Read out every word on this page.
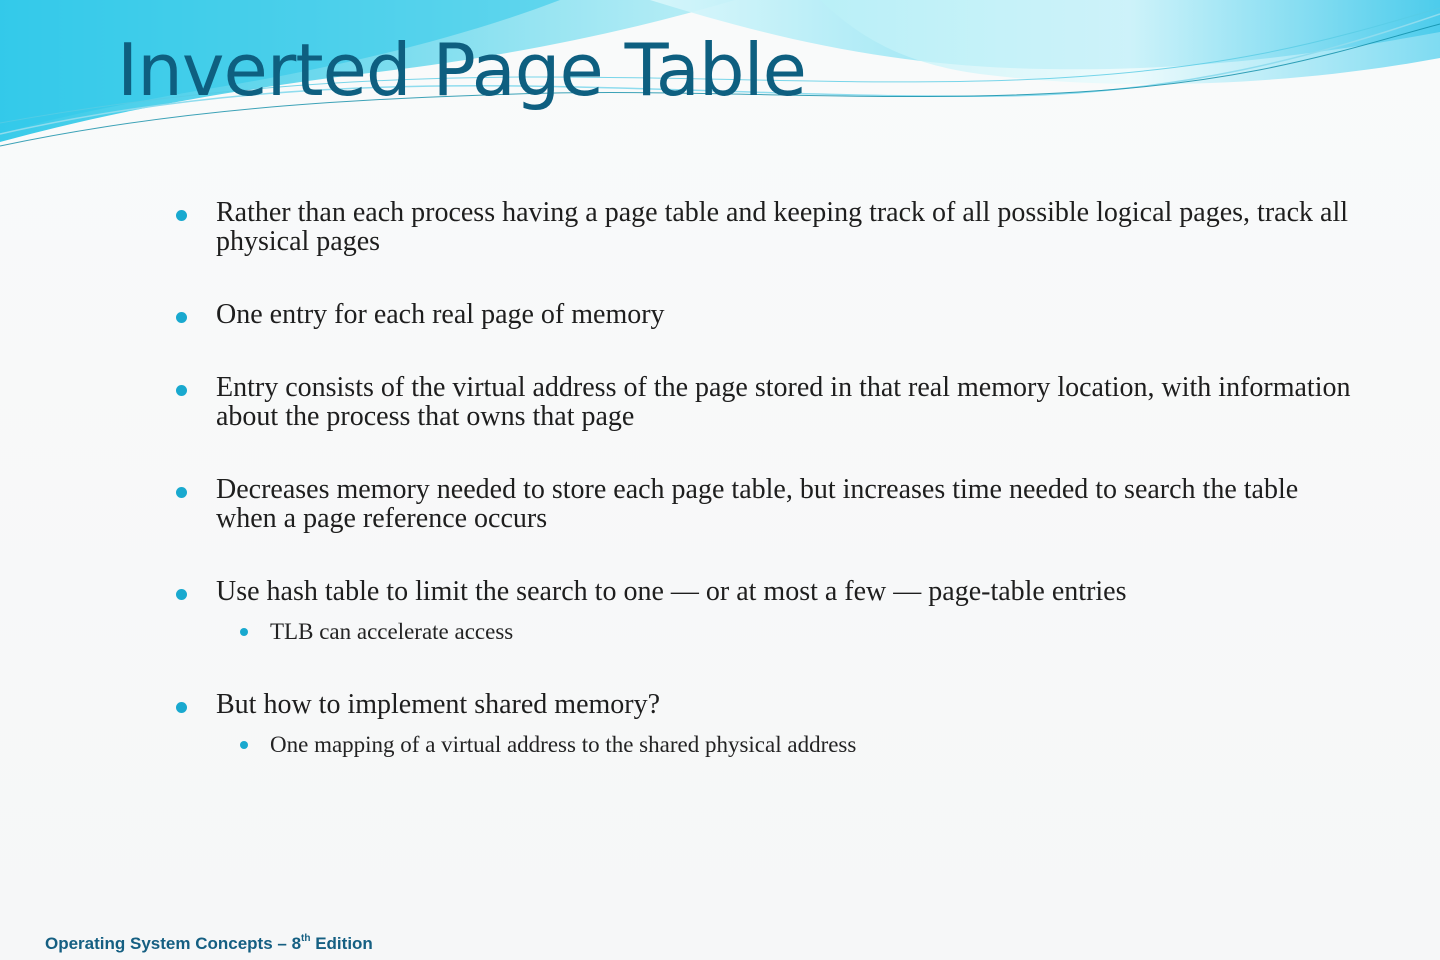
Inverted Page Table

Rather than each process having a page table and keeping track of all possible logical pages, track all physical pages

One entry for each real page of memory

Entry consists of the virtual address of the page stored in that real memory location, with information about the process that owns that page

Decreases memory needed to store each page table, but increases time needed to search the table when a page reference occurs

Use hash table to limit the search to one — or at most a few — page-table entries

TLB can accelerate access

But how to implement shared memory?

One mapping of a virtual address to the shared physical address

Operating System Concepts – 8th Edition
